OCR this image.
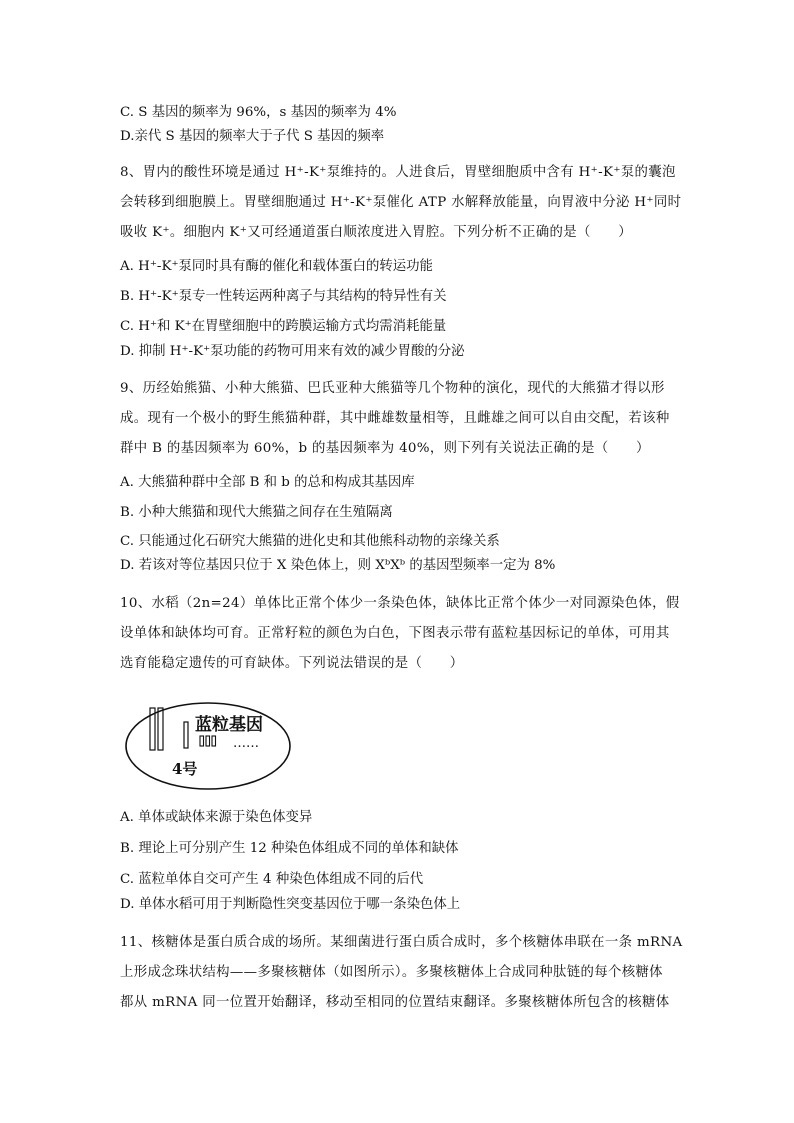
C. S 基因的频率为 96%，s 基因的频率为 4%
D.亲代 S 基因的频率大于子代 S 基因的频率
8、胃内的酸性环境是通过 H⁺-K⁺泵维持的。人进食后，胃壁细胞质中含有 H⁺-K⁺泵的囊泡
会转移到细胞膜上。胃壁细胞通过 H⁺-K⁺泵催化 ATP 水解释放能量，向胃液中分泌 H⁺同时
吸收 K⁺。细胞内 K⁺又可经通道蛋白顺浓度进入胃腔。下列分析不正确的是（　　）
A. H⁺-K⁺泵同时具有酶的催化和载体蛋白的转运功能
B. H⁺-K⁺泵专一性转运两种离子与其结构的特异性有关
C. H⁺和 K⁺在胃壁细胞中的跨膜运输方式均需消耗能量
D. 抑制 H⁺-K⁺泵功能的药物可用来有效的减少胃酸的分泌
9、历经始熊猫、小种大熊猫、巴氏亚种大熊猫等几个物种的演化，现代的大熊猫才得以形
成。现有一个极小的野生熊猫种群，其中雌雄数量相等，且雌雄之间可以自由交配，若该种
群中 B 的基因频率为 60%，b 的基因频率为 40%，则下列有关说法正确的是（　　）
A. 大熊猫种群中全部 B 和 b 的总和构成其基因库
B. 小种大熊猫和现代大熊猫之间存在生殖隔离
C. 只能通过化石研究大熊猫的进化史和其他熊科动物的亲缘关系
D. 若该对等位基因只位于 X 染色体上，则 XᵇXᵇ 的基因型频率一定为 8%
10、水稻（2n=24）单体比正常个体少一条染色体，缺体比正常个体少一对同源染色体，假
设单体和缺体均可育。正常籽粒的颜色为白色，下图表示带有蓝粒基因标记的单体，可用其
选育能稳定遗传的可育缺体。下列说法错误的是（　　）
蓝粒基因
4号
……
A. 单体或缺体来源于染色体变异
B. 理论上可分别产生 12 种染色体组成不同的单体和缺体
C. 蓝粒单体自交可产生 4 种染色体组成不同的后代
D. 单体水稻可用于判断隐性突变基因位于哪一条染色体上
11、核糖体是蛋白质合成的场所。某细菌进行蛋白质合成时，多个核糖体串联在一条 mRNA
上形成念珠状结构——多聚核糖体（如图所示）。多聚核糖体上合成同种肽链的每个核糖体
都从 mRNA 同一位置开始翻译，移动至相同的位置结束翻译。多聚核糖体所包含的核糖体
